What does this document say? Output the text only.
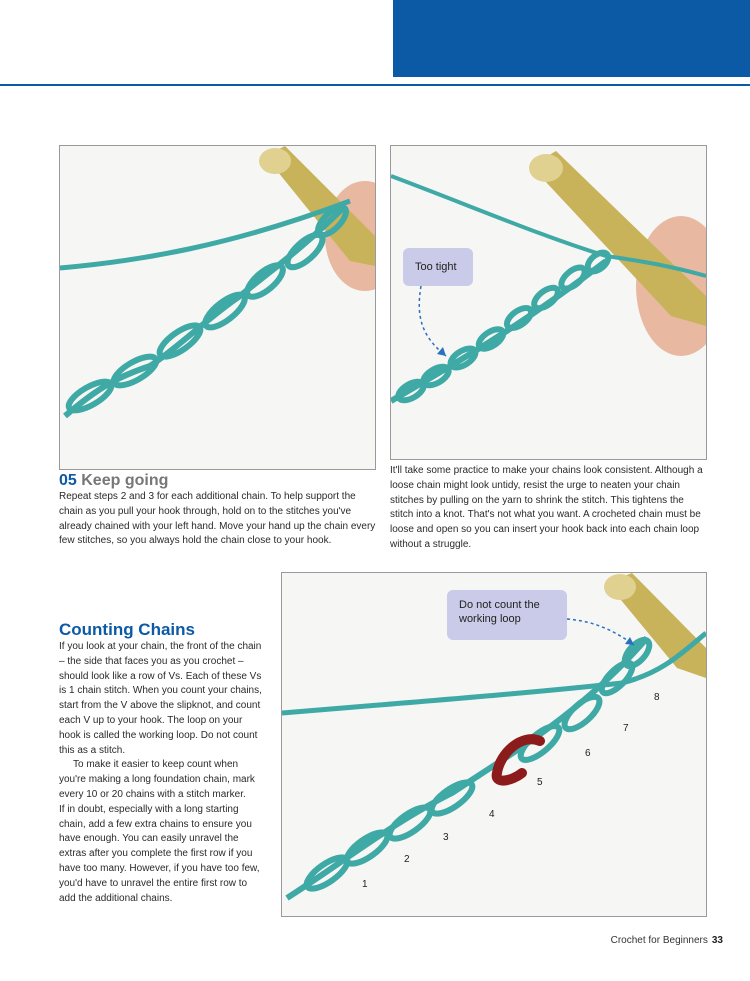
Too tight
05 Keep going
Repeat steps 2 and 3 for each additional chain. To help support the chain as you pull your hook through, hold on to the stitches you've already chained with your left hand. Move your hand up the chain every few stitches, so you always hold the chain close to your hook.
It'll take some practice to make your chains look consistent. Although a loose chain might look untidy, resist the urge to neaten your chain stitches by pulling on the yarn to shrink the stitch. This tightens the stitch into a knot. That's not what you want. A crocheted chain must be loose and open so you can insert your hook back into each chain loop without a struggle.
Counting Chains

If you look at your chain, the front of the chain – the side that faces you as you crochet – should look like a row of Vs. Each of these Vs is 1 chain stitch. When you count your chains, start from the V above the slipknot, and count each V up to your hook. The loop on your hook is called the working loop. Do not count this as a stitch.

To make it easier to keep count when you're making a long foundation chain, mark every 10 or 20 chains with a stitch marker.

If in doubt, especially with a long starting chain, add a few extra chains to ensure you have enough. You can easily unravel the extras after you complete the first row if you have too many. However, if you have too few, you'd have to unravel the entire first row to add the additional chains.

1
2
3
4
5
6
7
8
Do not count the working loop
Crochet for Beginners 33
